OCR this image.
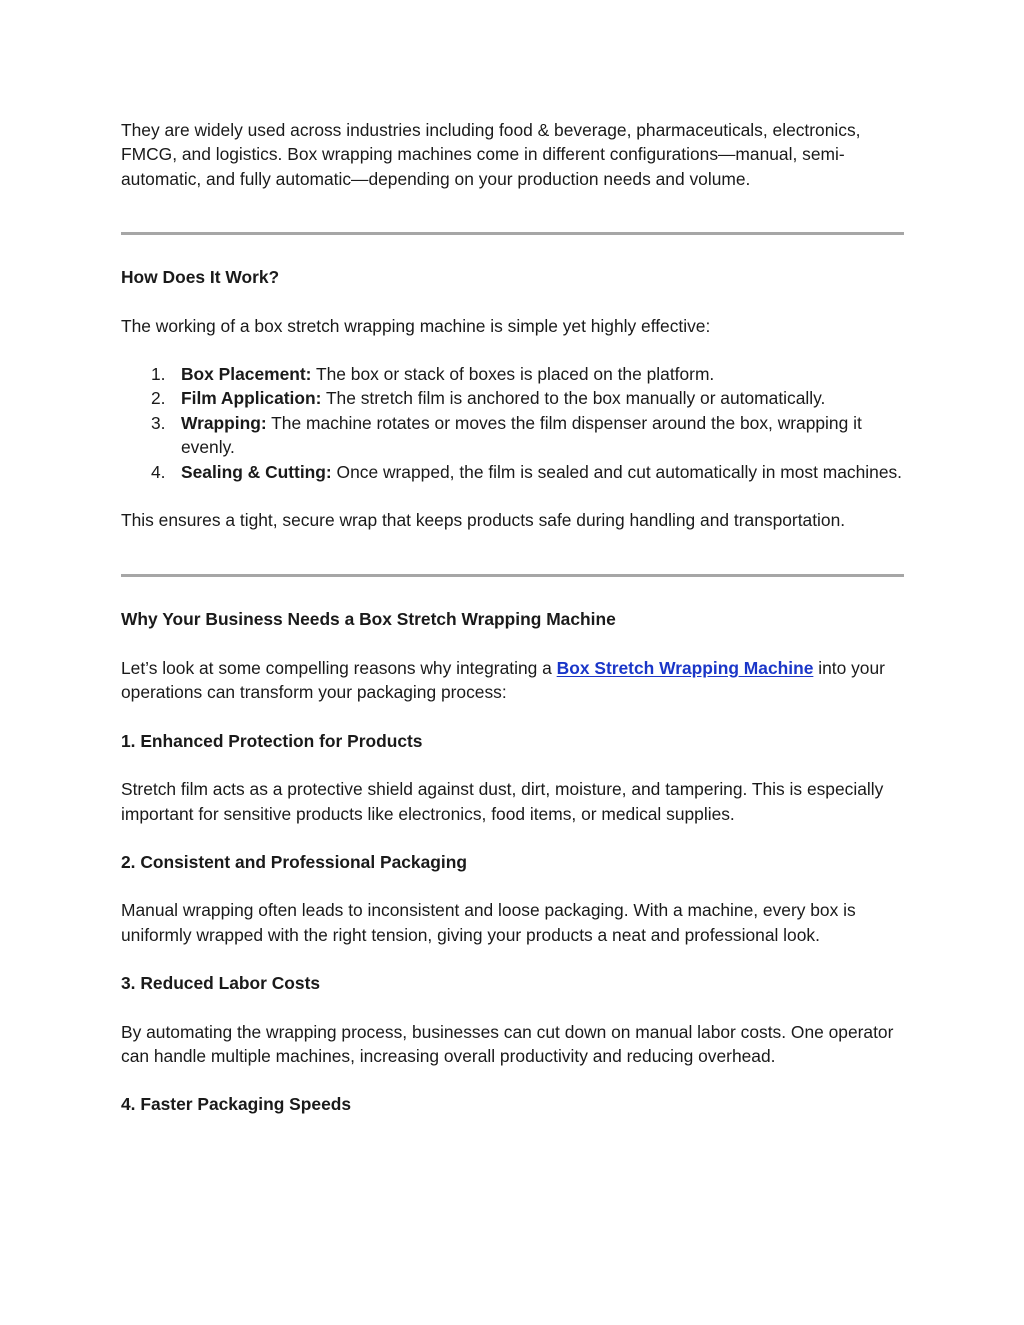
They are widely used across industries including food & beverage, pharmaceuticals, electronics, FMCG, and logistics. Box wrapping machines come in different configurations—manual, semi-automatic, and fully automatic—depending on your production needs and volume.

How Does It Work?

The working of a box stretch wrapping machine is simple yet highly effective:

1. Box Placement: The box or stack of boxes is placed on the platform.
2. Film Application: The stretch film is anchored to the box manually or automatically.
3. Wrapping: The machine rotates or moves the film dispenser around the box, wrapping it evenly.
4. Sealing & Cutting: Once wrapped, the film is sealed and cut automatically in most machines.

This ensures a tight, secure wrap that keeps products safe during handling and transportation.

Why Your Business Needs a Box Stretch Wrapping Machine

Let’s look at some compelling reasons why integrating a Box Stretch Wrapping Machine into your operations can transform your packaging process:

1. Enhanced Protection for Products

Stretch film acts as a protective shield against dust, dirt, moisture, and tampering. This is especially important for sensitive products like electronics, food items, or medical supplies.

2. Consistent and Professional Packaging

Manual wrapping often leads to inconsistent and loose packaging. With a machine, every box is uniformly wrapped with the right tension, giving your products a neat and professional look.

3. Reduced Labor Costs

By automating the wrapping process, businesses can cut down on manual labor costs. One operator can handle multiple machines, increasing overall productivity and reducing overhead.

4. Faster Packaging Speeds
